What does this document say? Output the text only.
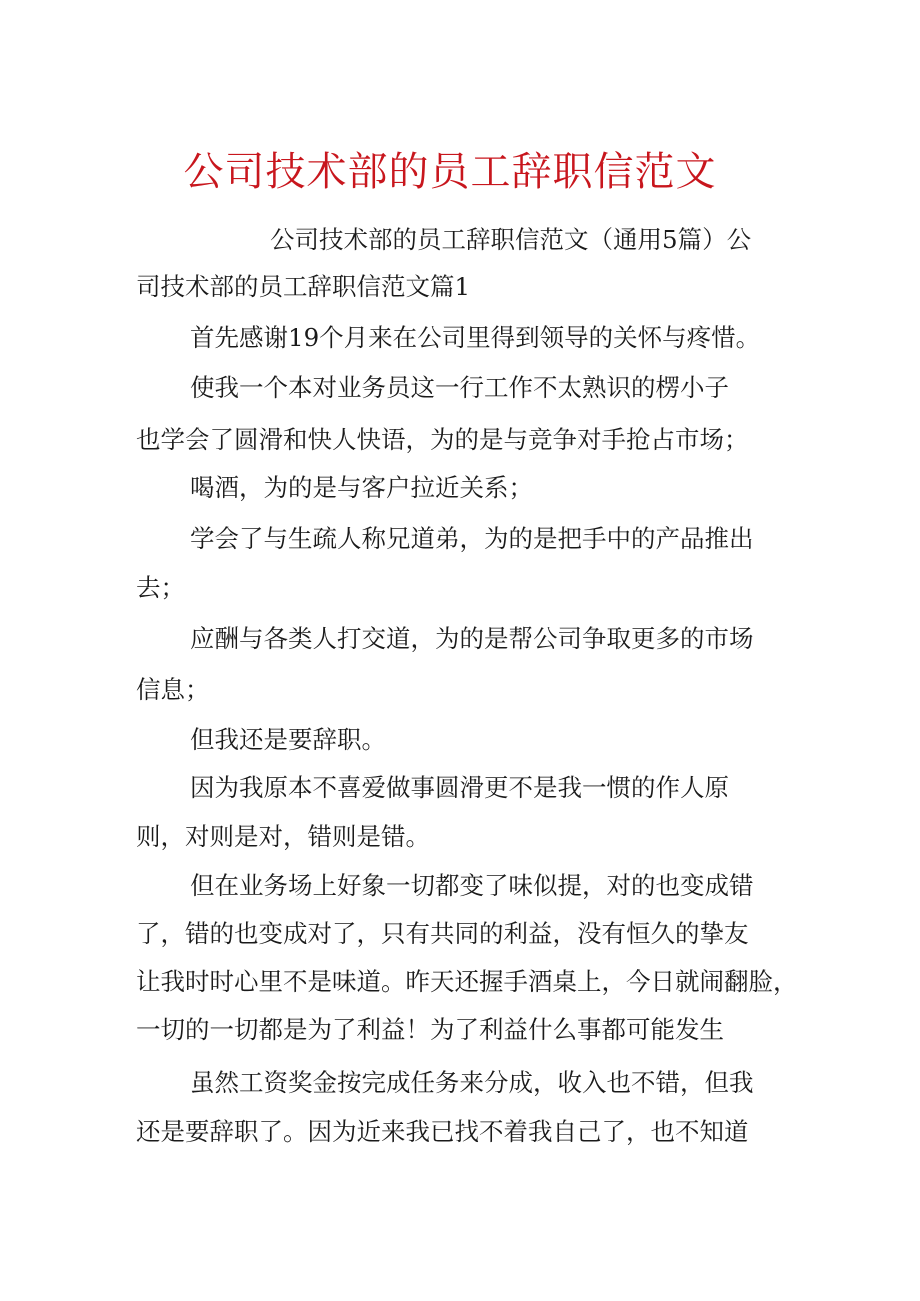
公司技术部的员工辞职信范文
公司技术部的员工辞职信范文（通用5篇）公
司技术部的员工辞职信范文篇1
首先感谢19个月来在公司里得到领导的关怀与疼惜。
使我一个本对业务员这一行工作不太熟识的楞小子
也学会了圆滑和快人快语，为的是与竞争对手抢占市场；
喝酒，为的是与客户拉近关系；
学会了与生疏人称兄道弟，为的是把手中的产品推出
去；
应酬与各类人打交道，为的是帮公司争取更多的市场
信息；
但我还是要辞职。
因为我原本不喜爱做事圆滑更不是我一惯的作人原
则，对则是对，错则是错。
但在业务场上好象一切都变了味似提，对的也变成错
了，错的也变成对了，只有共同的利益，没有恒久的挚友
让我时时心里不是味道。昨天还握手酒桌上，今日就闹翻脸，
一切的一切都是为了利益！为了利益什么事都可能发生
虽然工资奖金按完成任务来分成，收入也不错，但我
还是要辞职了。因为近来我已找不着我自己了，也不知道
